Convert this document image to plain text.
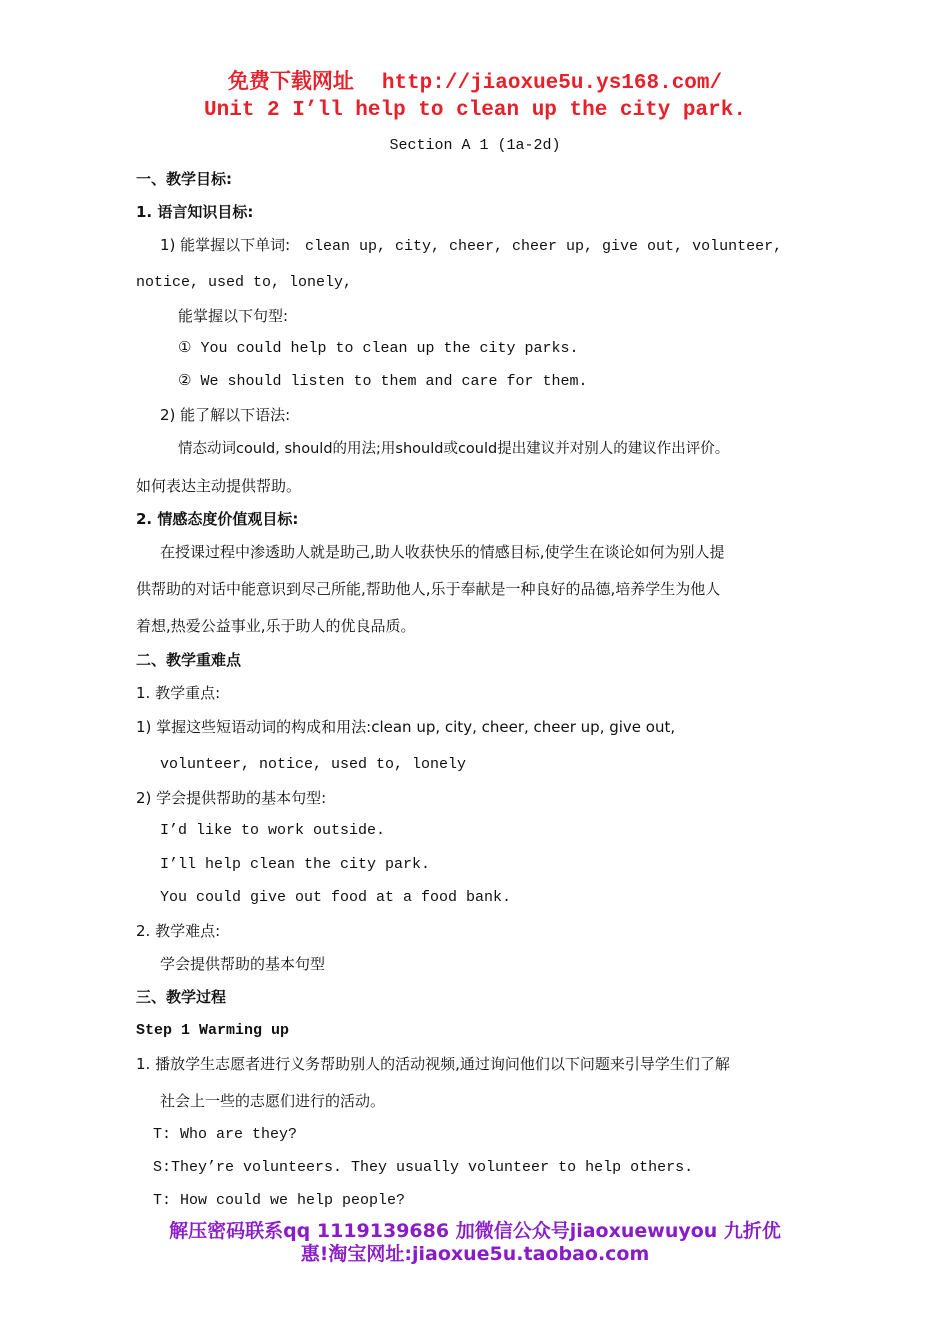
免费下载网址 http://jiaoxue5u.ys168.com/
Unit 2 I’ll help to clean up the city park.
Section A 1 (1a-2d)
一、教学目标:
1. 语言知识目标:
1) 能掌握以下单词: clean up, city, cheer, cheer up, give out, volunteer,
notice, used to, lonely,
能掌握以下句型:
① You could help to clean up the city parks.
② We should listen to them and care for them.
2) 能了解以下语法:
情态动词could, should的用法;用should或could提出建议并对别人的建议作出评价。
如何表达主动提供帮助。
2. 情感态度价值观目标:
在授课过程中渗透助人就是助己,助人收获快乐的情感目标,使学生在谈论如何为别人提
供帮助的对话中能意识到尽己所能,帮助他人,乐于奉献是一种良好的品德,培养学生为他人
着想,热爱公益事业,乐于助人的优良品质。
二、教学重难点
1. 教学重点:
1) 掌握这些短语动词的构成和用法:clean up, city, cheer, cheer up, give out,
volunteer, notice, used to, lonely
2) 学会提供帮助的基本句型:
I’d like to work outside.
I’ll help clean the city park.
You could give out food at a food bank.
2. 教学难点:
学会提供帮助的基本句型
三、教学过程
Step 1 Warming up
1. 播放学生志愿者进行义务帮助别人的活动视频,通过询问他们以下问题来引导学生们了解
社会上一些的志愿们进行的活动。
T: Who are they?
S:They’re volunteers. They usually volunteer to help others.
T: How could we help people?
解压密码联系qq 1119139686 加微信公众号jiaoxuewuyou 九折优
惠!淘宝网址:jiaoxue5u.taobao.com
